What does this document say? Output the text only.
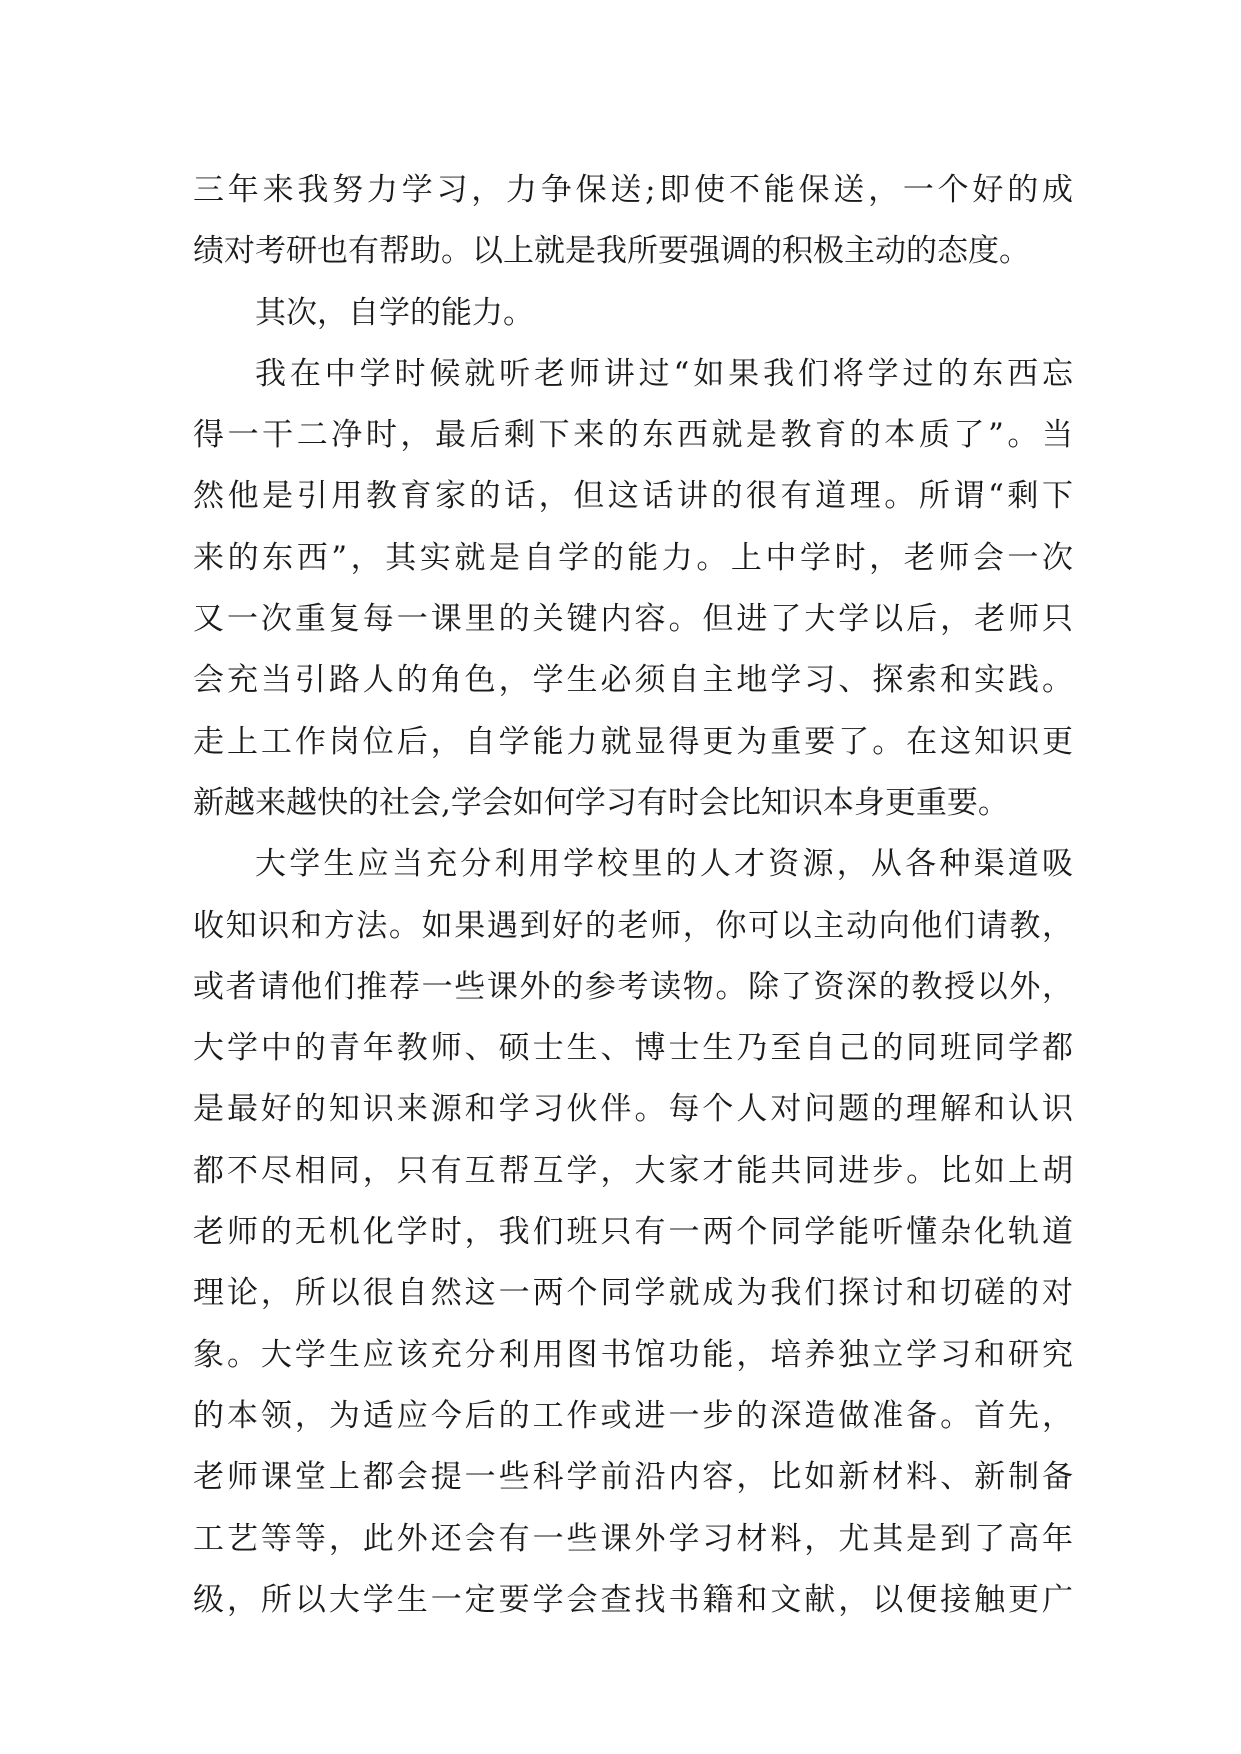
三年来我努力学习，力争保送;即使不能保送，一个好的成
绩对考研也有帮助。以上就是我所要强调的积极主动的态度。
其次，自学的能力。
我在中学时候就听老师讲过“如果我们将学过的东西忘
得一干二净时，最后剩下来的东西就是教育的本质了”。当
然他是引用教育家的话，但这话讲的很有道理。所谓“剩下
来的东西”，其实就是自学的能力。上中学时，老师会一次
又一次重复每一课里的关键内容。但进了大学以后，老师只
会充当引路人的角色，学生必须自主地学习、探索和实践。
走上工作岗位后，自学能力就显得更为重要了。在这知识更
新越来越快的社会,学会如何学习有时会比知识本身更重要。
大学生应当充分利用学校里的人才资源，从各种渠道吸
收知识和方法。如果遇到好的老师，你可以主动向他们请教，
或者请他们推荐一些课外的参考读物。除了资深的教授以外，
大学中的青年教师、硕士生、博士生乃至自己的同班同学都
是最好的知识来源和学习伙伴。每个人对问题的理解和认识
都不尽相同，只有互帮互学，大家才能共同进步。比如上胡
老师的无机化学时，我们班只有一两个同学能听懂杂化轨道
理论，所以很自然这一两个同学就成为我们探讨和切磋的对
象。大学生应该充分利用图书馆功能，培养独立学习和研究
的本领，为适应今后的工作或进一步的深造做准备。首先，
老师课堂上都会提一些科学前沿内容，比如新材料、新制备
工艺等等，此外还会有一些课外学习材料，尤其是到了高年
级，所以大学生一定要学会查找书籍和文献，以便接触更广
